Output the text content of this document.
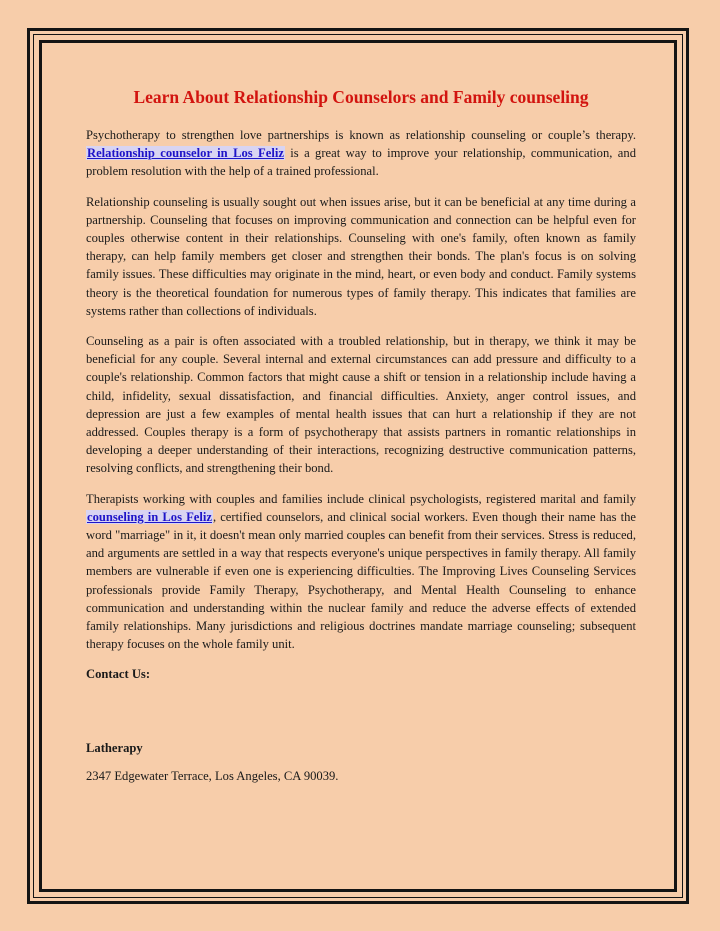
Learn About Relationship Counselors and Family counseling

Psychotherapy to strengthen love partnerships is known as relationship counseling or couple’s therapy. Relationship counselor in Los Feliz is a great way to improve your relationship, communication, and problem resolution with the help of a trained professional.

Relationship counseling is usually sought out when issues arise, but it can be beneficial at any time during a partnership. Counseling that focuses on improving communication and connection can be helpful even for couples otherwise content in their relationships. Counseling with one's family, often known as family therapy, can help family members get closer and strengthen their bonds. The plan's focus is on solving family issues. These difficulties may originate in the mind, heart, or even body and conduct. Family systems theory is the theoretical foundation for numerous types of family therapy. This indicates that families are systems rather than collections of individuals.

Counseling as a pair is often associated with a troubled relationship, but in therapy, we think it may be beneficial for any couple. Several internal and external circumstances can add pressure and difficulty to a couple's relationship. Common factors that might cause a shift or tension in a relationship include having a child, infidelity, sexual dissatisfaction, and financial difficulties. Anxiety, anger control issues, and depression are just a few examples of mental health issues that can hurt a relationship if they are not addressed. Couples therapy is a form of psychotherapy that assists partners in romantic relationships in developing a deeper understanding of their interactions, recognizing destructive communication patterns, resolving conflicts, and strengthening their bond.

Therapists working with couples and families include clinical psychologists, registered marital and family counseling in Los Feliz, certified counselors, and clinical social workers. Even though their name has the word "marriage" in it, it doesn't mean only married couples can benefit from their services. Stress is reduced, and arguments are settled in a way that respects everyone's unique perspectives in family therapy. All family members are vulnerable if even one is experiencing difficulties. The Improving Lives Counseling Services professionals provide Family Therapy, Psychotherapy, and Mental Health Counseling to enhance communication and understanding within the nuclear family and reduce the adverse effects of extended family relationships. Many jurisdictions and religious doctrines mandate marriage counseling; subsequent therapy focuses on the whole family unit.

Contact Us:

Latherapy

2347 Edgewater Terrace, Los Angeles, CA 90039.
